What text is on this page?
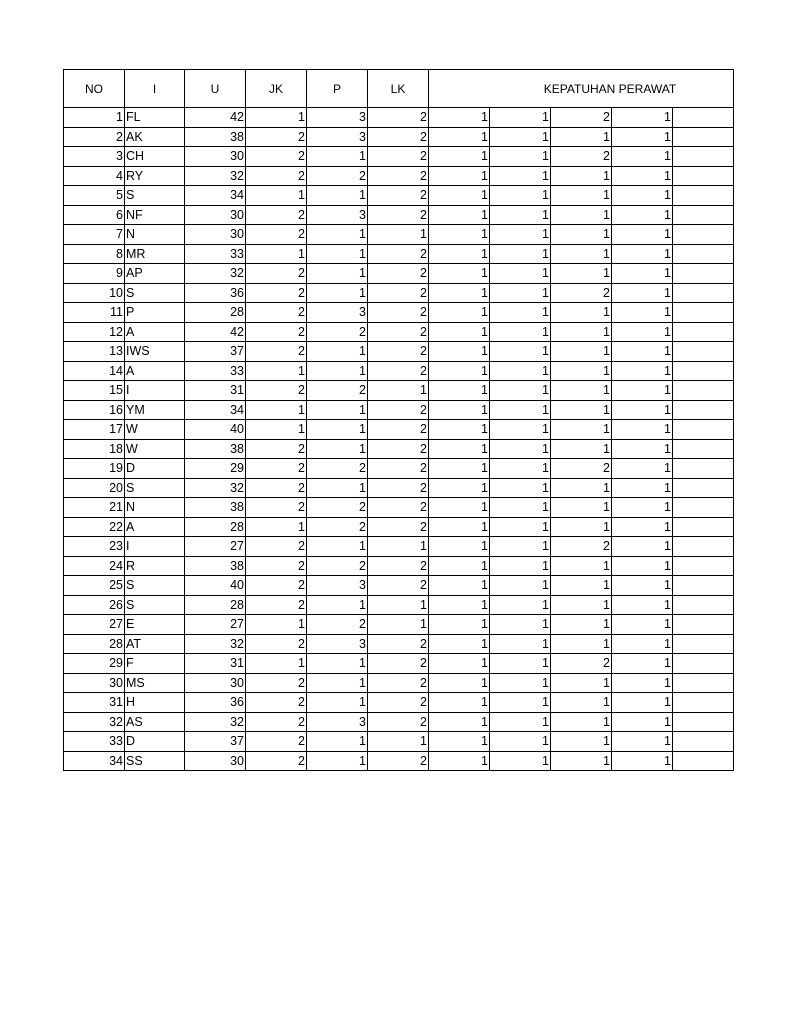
NO	I	U	JK	P	LK	KEPATUHAN PERAWAT				
1	FL	42	1	3	2	1	1	2	1	
2	AK	38	2	3	2	1	1	1	1	
3	CH	30	2	1	2	1	1	2	1	
4	RY	32	2	2	2	1	1	1	1	
5	S	34	1	1	2	1	1	1	1	
6	NF	30	2	3	2	1	1	1	1	
7	N	30	2	1	1	1	1	1	1	
8	MR	33	1	1	2	1	1	1	1	
9	AP	32	2	1	2	1	1	1	1	
10	S	36	2	1	2	1	1	2	1	
11	P	28	2	3	2	1	1	1	1	
12	A	42	2	2	2	1	1	1	1	
13	IWS	37	2	1	2	1	1	1	1	
14	A	33	1	1	2	1	1	1	1	
15	I	31	2	2	1	1	1	1	1	
16	YM	34	1	1	2	1	1	1	1	
17	W	40	1	1	2	1	1	1	1	
18	W	38	2	1	2	1	1	1	1	
19	D	29	2	2	2	1	1	2	1	
20	S	32	2	1	2	1	1	1	1	
21	N	38	2	2	2	1	1	1	1	
22	A	28	1	2	2	1	1	1	1	
23	I	27	2	1	1	1	1	2	1	
24	R	38	2	2	2	1	1	1	1	
25	S	40	2	3	2	1	1	1	1	
26	S	28	2	1	1	1	1	1	1	
27	E	27	1	2	1	1	1	1	1	
28	AT	32	2	3	2	1	1	1	1	
29	F	31	1	1	2	1	1	2	1	
30	MS	30	2	1	2	1	1	1	1	
31	H	36	2	1	2	1	1	1	1	
32	AS	32	2	3	2	1	1	1	1	
33	D	37	2	1	1	1	1	1	1	
34	SS	30	2	1	2	1	1	1	1	
